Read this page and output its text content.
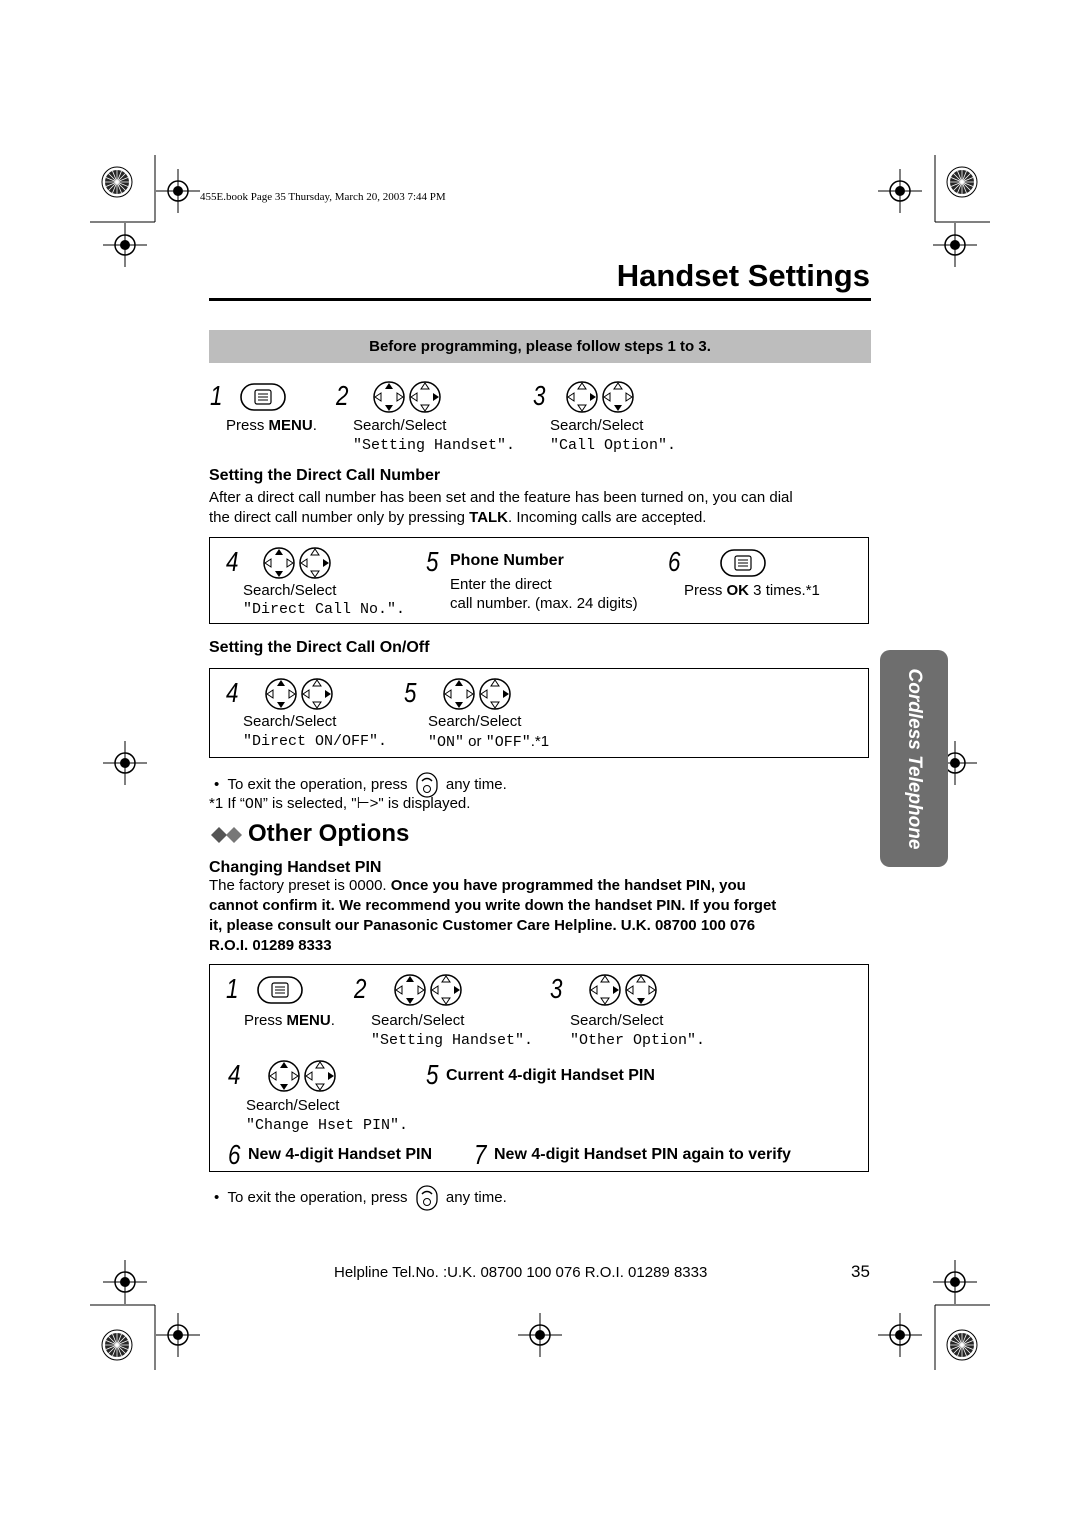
455E.book Page 35 Thursday, March 20, 2003 7:44 PM
Handset Settings
Before programming, please follow steps 1 to 3.
1	2	3
Press MENU. Search/Select
"Setting Handset".
Search/Select
"Call Option".
Setting the Direct Call Number
After a direct call number has been set and the feature has been turned on, you can dial
the direct call number only by pressing TALK. Incoming calls are accepted.
4
Search/Select
"Direct Call No.".
5 Phone Number
Enter the direct
call number. (max. 24 digits)
6
Press OK 3 times.*1
Setting the Direct Call On/Off
4
Search/Select
"Direct ON/OFF".
5
Search/Select
"ON" or "OFF".*1
• To exit the operation, press	any time.
*1 If “ON” is selected, "⊢>" is displayed.
Other Options
Changing Handset PIN
The factory preset is 0000. Once you have programmed the handset PIN, you
cannot confirm it. We recommend you write down the handset PIN. If you forget
it, please consult our Panasonic Customer Care Helpline. U.K. 08700 100 076
R.O.I. 01289 8333
1	2	3
Press MENU. Search/Select
"Setting Handset".
Search/Select
"Other Option".
4
Search/Select
"Change Hset PIN".
5 Current 4-digit Handset PIN
6 New 4-digit Handset PIN 7 New 4-digit Handset PIN again to verify
• To exit the operation, press	any time.
Cordless Telephone
Helpline Tel.No. :U.K. 08700 100 076 R.O.I. 01289 8333	35
